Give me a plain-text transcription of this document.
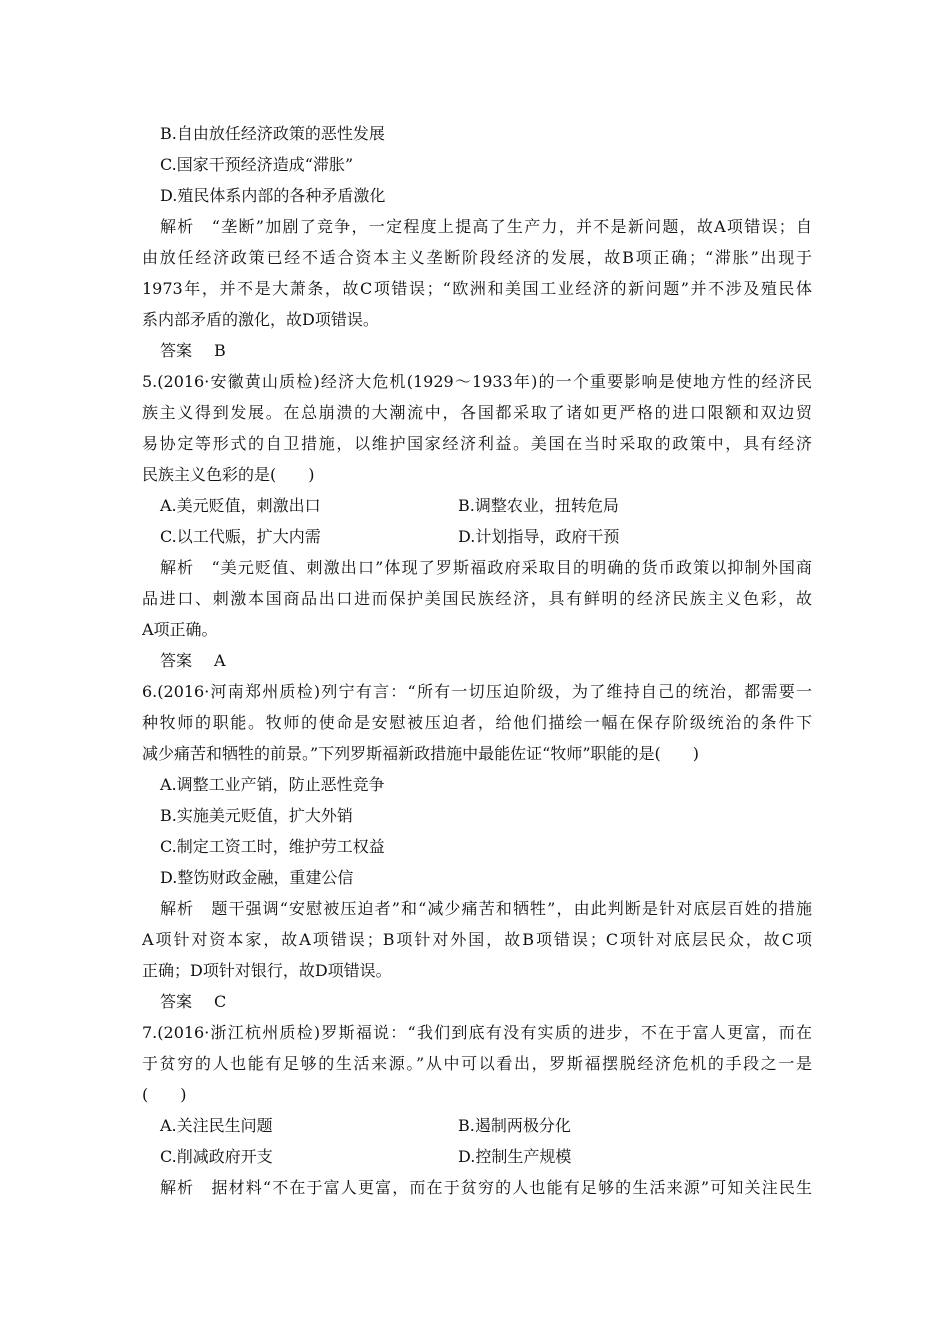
B.自由放任经济政策的恶性发展
C.国家干预经济造成“滞胀”
D.殖民体系内部的各种矛盾激化
解析　“垄断”加剧了竞争，一定程度上提高了生产力，并不是新问题，故A项错误；自
由放任经济政策已经不适合资本主义垄断阶段经济的发展，故B项正确；“滞胀”出现于
1973年，并不是大萧条，故C项错误；“欧洲和美国工业经济的新问题”并不涉及殖民体
系内部矛盾的激化，故D项错误。
答案 B
5.(2016·安徽黄山质检)经济大危机(1929～1933年)的一个重要影响是使地方性的经济民
族主义得到发展。在总崩溃的大潮流中，各国都采取了诸如更严格的进口限额和双边贸
易协定等形式的自卫措施，以维护国家经济利益。美国在当时采取的政策中，具有经济
民族主义色彩的是(　　)
A.美元贬值，刺激出口	B.调整农业，扭转危局
C.以工代赈，扩大内需	D.计划指导，政府干预
解析　“美元贬值、刺激出口”体现了罗斯福政府采取目的明确的货币政策以抑制外国商
品进口、刺激本国商品出口进而保护美国民族经济，具有鲜明的经济民族主义色彩，故
A项正确。
答案 A
6.(2016·河南郑州质检)列宁有言：“所有一切压迫阶级，为了维持自己的统治，都需要一
种牧师的职能。牧师的使命是安慰被压迫者，给他们描绘一幅在保存阶级统治的条件下
减少痛苦和牺牲的前景。”下列罗斯福新政措施中最能佐证“牧师”职能的是(　　)
A.调整工业产销，防止恶性竞争
B.实施美元贬值，扩大外销
C.制定工资工时，维护劳工权益
D.整饬财政金融，重建公信
解析　题干强调“安慰被压迫者”和“减少痛苦和牺牲”，由此判断是针对底层百姓的措施
A项针对资本家，故A项错误；B项针对外国，故B项错误；C项针对底层民众，故C项
正确；D项针对银行，故D项错误。
答案 C
7.(2016·浙江杭州质检)罗斯福说：“我们到底有没有实质的进步，不在于富人更富，而在
于贫穷的人也能有足够的生活来源。”从中可以看出，罗斯福摆脱经济危机的手段之一是
(　　)
A.关注民生问题	B.遏制两极分化
C.削减政府开支	D.控制生产规模
解析　据材料“不在于富人更富，而在于贫穷的人也能有足够的生活来源”可知关注民生
